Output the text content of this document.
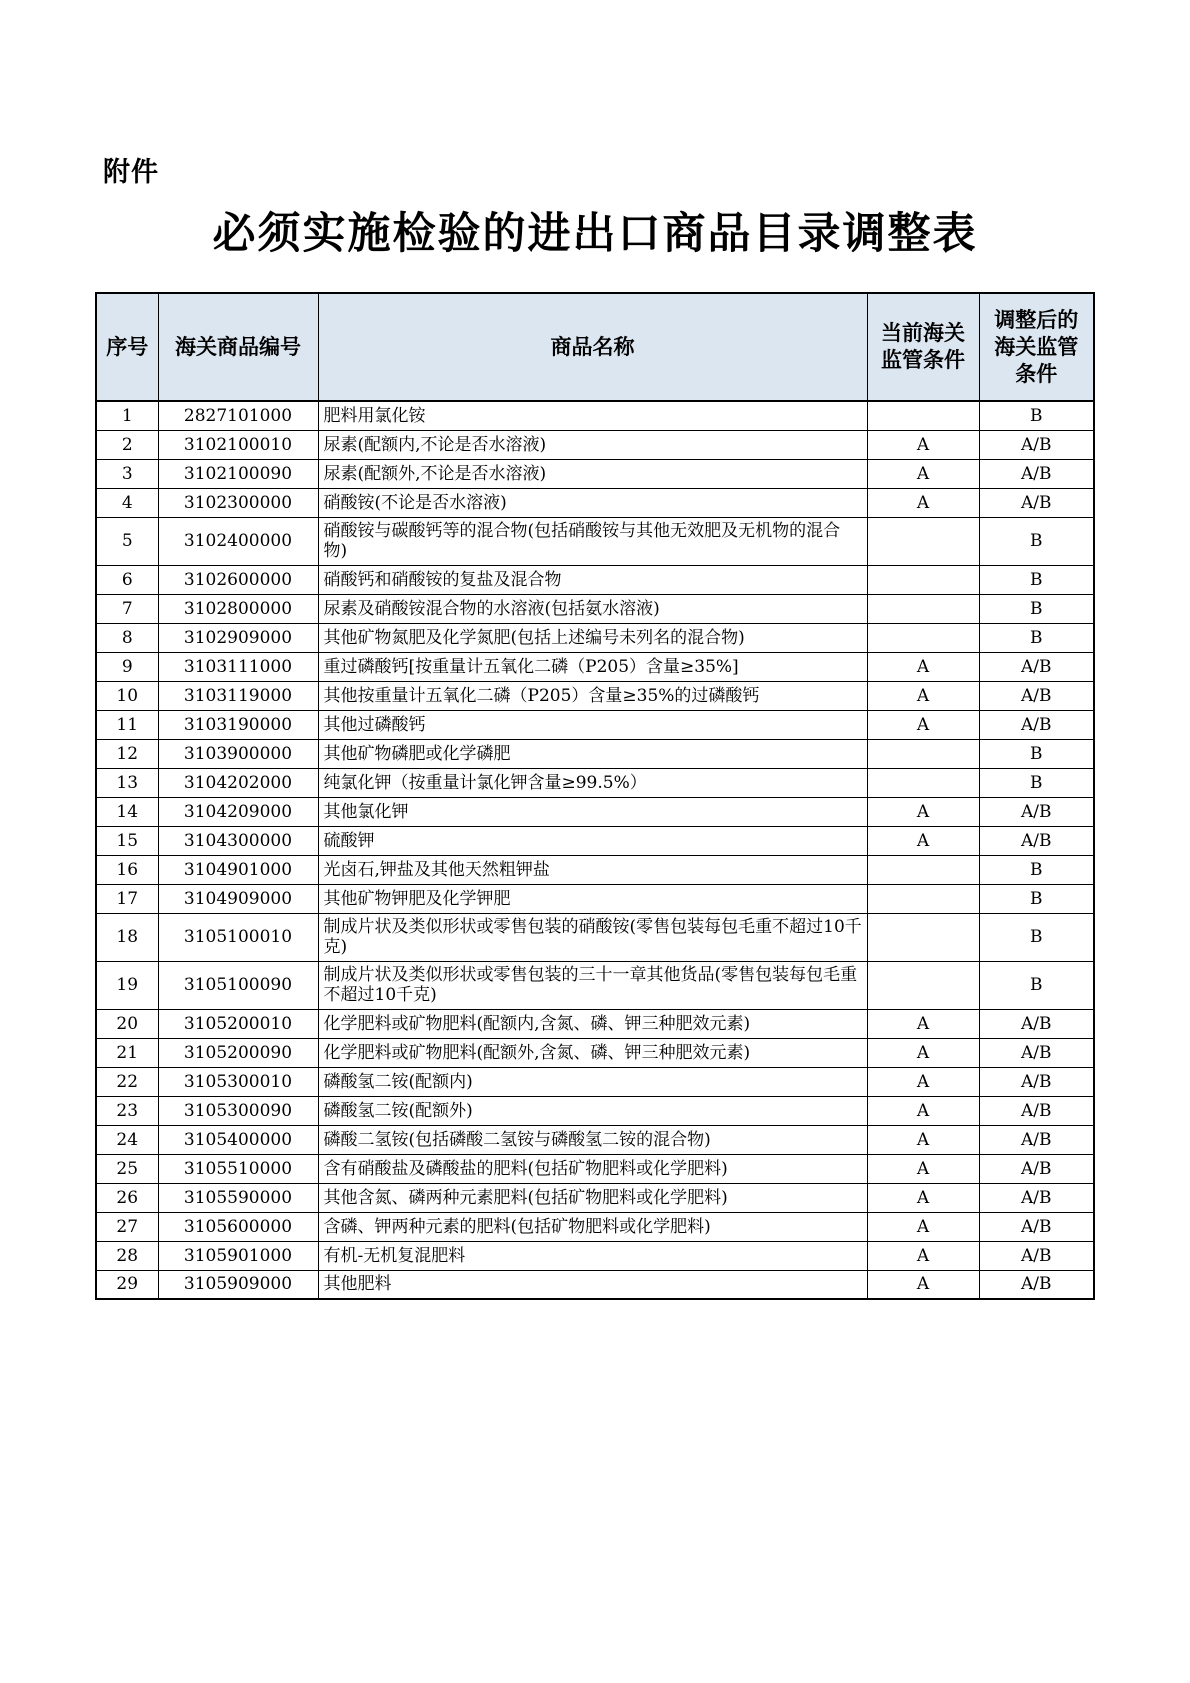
附件
必须实施检验的进出口商品目录调整表
序号	海关商品编号	商品名称	当前海关监管条件	调整后的海关监管条件
1	2827101000	肥料用氯化铵		B
2	3102100010	尿素(配额内,不论是否水溶液)	A	A/B
3	3102100090	尿素(配额外,不论是否水溶液)	A	A/B
4	3102300000	硝酸铵(不论是否水溶液)	A	A/B
5	3102400000	硝酸铵与碳酸钙等的混合物(包括硝酸铵与其他无效肥及无机物的混合物)		B
6	3102600000	硝酸钙和硝酸铵的复盐及混合物		B
7	3102800000	尿素及硝酸铵混合物的水溶液(包括氨水溶液)		B
8	3102909000	其他矿物氮肥及化学氮肥(包括上述编号未列名的混合物)		B
9	3103111000	重过磷酸钙[按重量计五氧化二磷（P205）含量≥35%]	A	A/B
10	3103119000	其他按重量计五氧化二磷（P205）含量≥35%的过磷酸钙	A	A/B
11	3103190000	其他过磷酸钙	A	A/B
12	3103900000	其他矿物磷肥或化学磷肥		B
13	3104202000	纯氯化钾（按重量计氯化钾含量≥99.5%）		B
14	3104209000	其他氯化钾	A	A/B
15	3104300000	硫酸钾	A	A/B
16	3104901000	光卤石,钾盐及其他天然粗钾盐		B
17	3104909000	其他矿物钾肥及化学钾肥		B
18	3105100010	制成片状及类似形状或零售包装的硝酸铵(零售包装每包毛重不超过10千克)		B
19	3105100090	制成片状及类似形状或零售包装的三十一章其他货品(零售包装每包毛重不超过10千克)		B
20	3105200010	化学肥料或矿物肥料(配额内,含氮、磷、钾三种肥效元素)	A	A/B
21	3105200090	化学肥料或矿物肥料(配额外,含氮、磷、钾三种肥效元素)	A	A/B
22	3105300010	磷酸氢二铵(配额内)	A	A/B
23	3105300090	磷酸氢二铵(配额外)	A	A/B
24	3105400000	磷酸二氢铵(包括磷酸二氢铵与磷酸氢二铵的混合物)	A	A/B
25	3105510000	含有硝酸盐及磷酸盐的肥料(包括矿物肥料或化学肥料)	A	A/B
26	3105590000	其他含氮、磷两种元素肥料(包括矿物肥料或化学肥料)	A	A/B
27	3105600000	含磷、钾两种元素的肥料(包括矿物肥料或化学肥料)	A	A/B
28	3105901000	有机-无机复混肥料	A	A/B
29	3105909000	其他肥料	A	A/B
